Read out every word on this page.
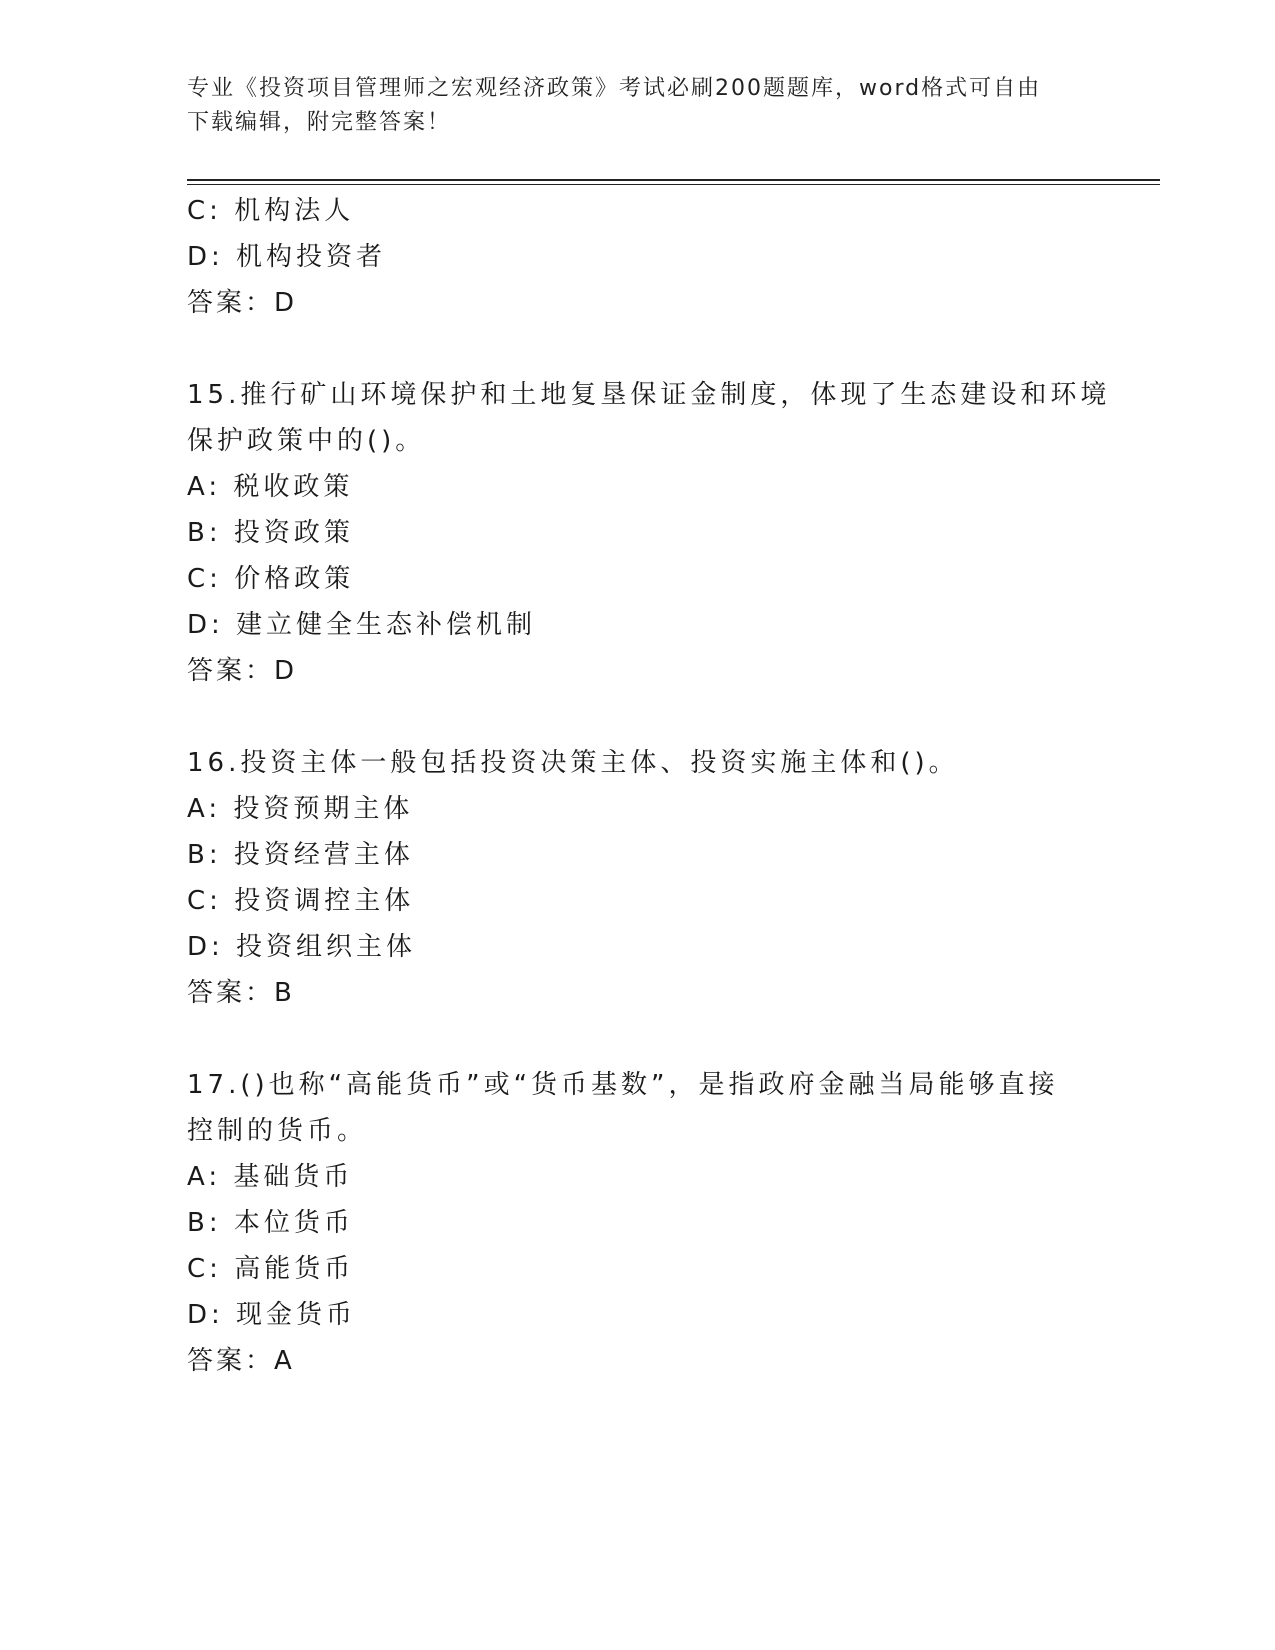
专业《投资项目管理师之宏观经济政策》考试必刷200题题库，word格式可自由
下载编辑，附完整答案！
C: 机构法人
D: 机构投资者
答案：D
15.推行矿山环境保护和土地复垦保证金制度，体现了生态建设和环境
保护政策中的()。
A: 税收政策
B: 投资政策
C: 价格政策
D: 建立健全生态补偿机制
答案：D
16.投资主体一般包括投资决策主体、投资实施主体和()。
A: 投资预期主体
B: 投资经营主体
C: 投资调控主体
D: 投资组织主体
答案：B
17.()也称“高能货币”或“货币基数”，是指政府金融当局能够直接
控制的货币。
A: 基础货币
B: 本位货币
C: 高能货币
D: 现金货币
答案：A
